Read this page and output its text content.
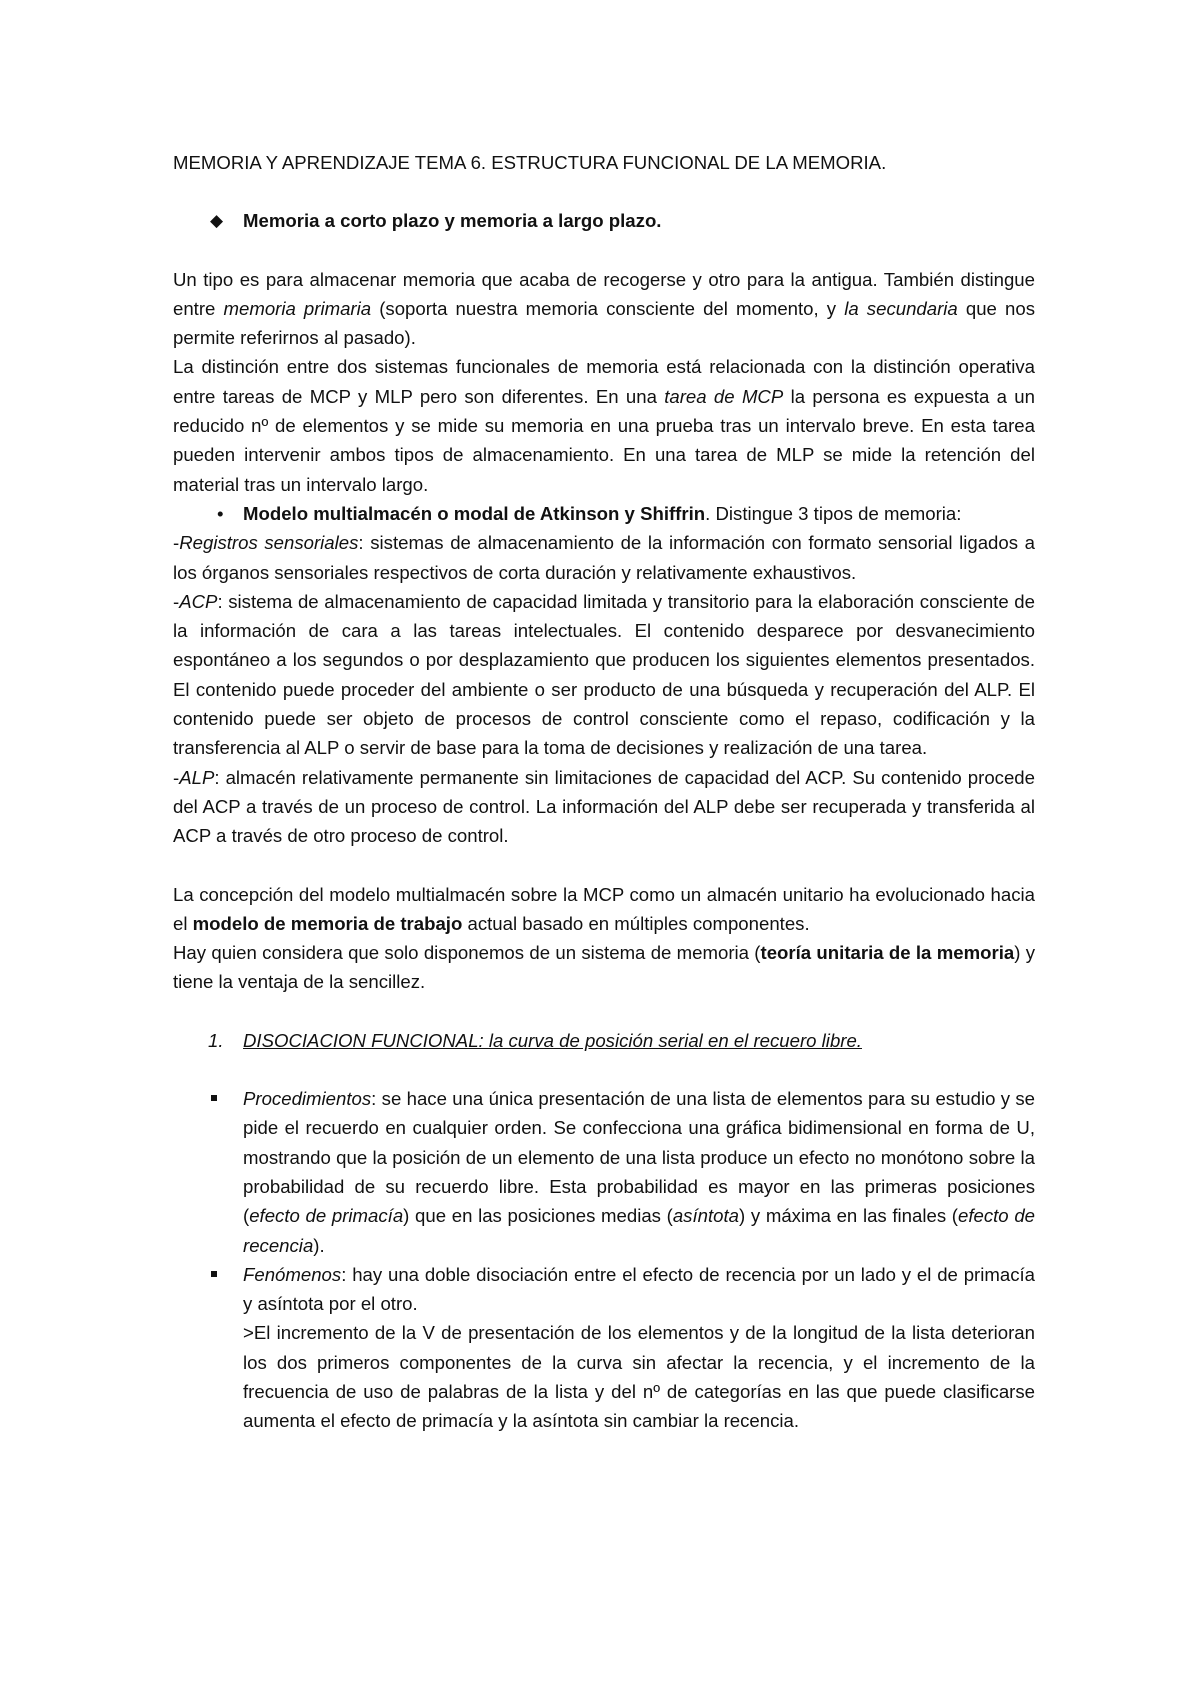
MEMORIA Y APRENDIZAJE TEMA 6. ESTRUCTURA FUNCIONAL DE LA MEMORIA.

◆ Memoria a corto plazo y memoria a largo plazo.

Un tipo es para almacenar memoria que acaba de recogerse y otro para la antigua. También distingue entre memoria primaria (soporta nuestra memoria consciente del momento, y la secundaria que nos permite referirnos al pasado).

La distinción entre dos sistemas funcionales de memoria está relacionada con la distinción operativa entre tareas de MCP y MLP pero son diferentes. En una tarea de MCP la persona es expuesta a un reducido nº de elementos y se mide su memoria en una prueba tras un intervalo breve. En esta tarea pueden intervenir ambos tipos de almacenamiento. En una tarea de MLP se mide la retención del material tras un intervalo largo.

• Modelo multialmacén o modal de Atkinson y Shiffrin. Distingue 3 tipos de memoria:

-Registros sensoriales: sistemas de almacenamiento de la información con formato sensorial ligados a los órganos sensoriales respectivos de corta duración y relativamente exhaustivos.

-ACP: sistema de almacenamiento de capacidad limitada y transitorio para la elaboración consciente de la información de cara a las tareas intelectuales. El contenido desparece por desvanecimiento espontáneo a los segundos o por desplazamiento que producen los siguientes elementos presentados. El contenido puede proceder del ambiente o ser producto de una búsqueda y recuperación del ALP. El contenido puede ser objeto de procesos de control consciente como el repaso, codificación y la transferencia al ALP o servir de base para la toma de decisiones y realización de una tarea.

-ALP: almacén relativamente permanente sin limitaciones de capacidad del ACP. Su contenido procede del ACP a través de un proceso de control. La información del ALP debe ser recuperada y transferida al ACP a través de otro proceso de control.

La concepción del modelo multialmacén sobre la MCP como un almacén unitario ha evolucionado hacia el modelo de memoria de trabajo actual basado en múltiples componentes.

Hay quien considera que solo disponemos de un sistema de memoria (teoría unitaria de la memoria) y tiene la ventaja de la sencillez.

1. DISOCIACION FUNCIONAL: la curva de posición serial en el recuero libre.

Procedimientos: se hace una única presentación de una lista de elementos para su estudio y se pide el recuerdo en cualquier orden. Se confecciona una gráfica bidimensional en forma de U, mostrando que la posición de un elemento de una lista produce un efecto no monótono sobre la probabilidad de su recuerdo libre. Esta probabilidad es mayor en las primeras posiciones (efecto de primacía) que en las posiciones medias (asíntota) y máxima en las finales (efecto de recencia).

Fenómenos: hay una doble disociación entre el efecto de recencia por un lado y el de primacía y asíntota por el otro.

>El incremento de la V de presentación de los elementos y de la longitud de la lista deterioran los dos primeros componentes de la curva sin afectar la recencia, y el incremento de la frecuencia de uso de palabras de la lista y del nº de categorías en las que puede clasificarse aumenta el efecto de primacía y la asíntota sin cambiar la recencia.
